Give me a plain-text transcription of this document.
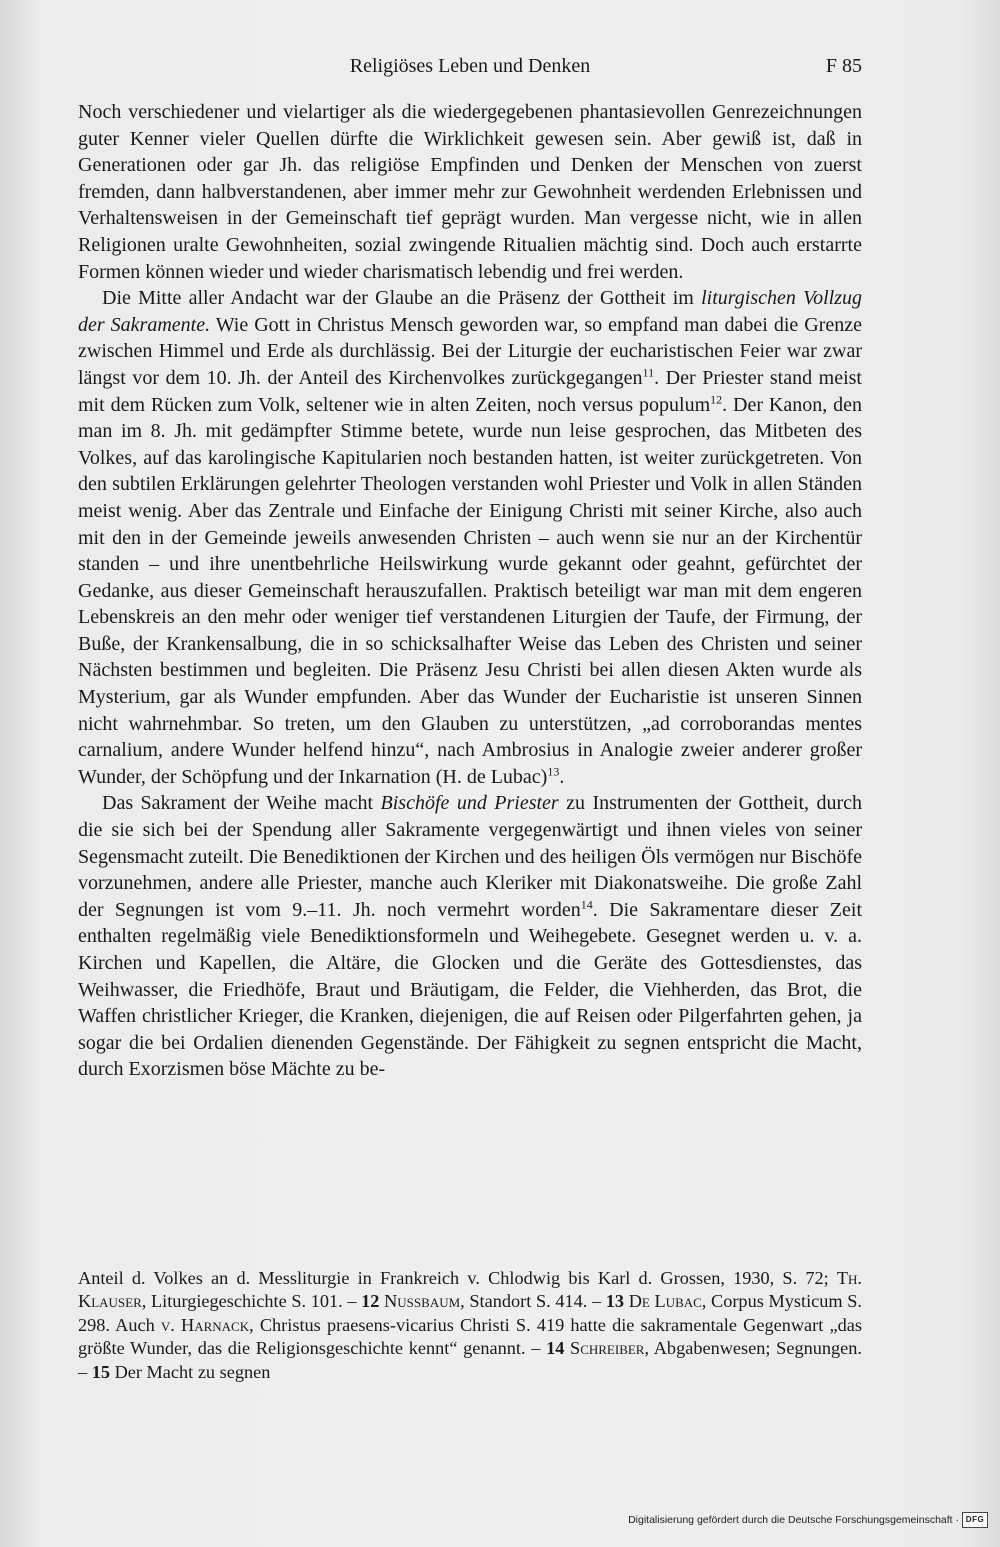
Religiöses Leben und Denken	F 85

Noch verschiedener und vielartiger als die wiedergegebenen phantasievollen Genrezeichnungen guter Kenner vieler Quellen dürfte die Wirklichkeit gewesen sein. Aber gewiß ist, daß in Generationen oder gar Jh. das religiöse Empfinden und Denken der Menschen von zuerst fremden, dann halbverstandenen, aber immer mehr zur Gewohnheit werdenden Erlebnissen und Verhaltensweisen in der Gemeinschaft tief geprägt wurden. Man vergesse nicht, wie in allen Religionen uralte Gewohnheiten, sozial zwingende Ritualien mächtig sind. Doch auch erstarrte Formen können wieder und wieder charismatisch lebendig und frei werden.

Die Mitte aller Andacht war der Glaube an die Präsenz der Gottheit im liturgischen Vollzug der Sakramente. Wie Gott in Christus Mensch geworden war, so empfand man dabei die Grenze zwischen Himmel und Erde als durchlässig. Bei der Liturgie der eucharistischen Feier war zwar längst vor dem 10. Jh. der Anteil des Kirchenvolkes zurückgegangen$^{11}$. Der Priester stand meist mit dem Rücken zum Volk, seltener wie in alten Zeiten, noch versus populum$^{12}$. Der Kanon, den man im 8. Jh. mit gedämpfter Stimme betete, wurde nun leise gesprochen, das Mitbeten des Volkes, auf das karolingische Kapitularien noch bestanden hatten, ist weiter zurückgetreten. Von den subtilen Erklärungen gelehrter Theologen verstanden wohl Priester und Volk in allen Ständen meist wenig. Aber das Zentrale und Einfache der Einigung Christi mit seiner Kirche, also auch mit den in der Gemeinde jeweils anwesenden Christen – auch wenn sie nur an der Kirchentür standen – und ihre unentbehrliche Heilswirkung wurde gekannt oder geahnt, gefürchtet der Gedanke, aus dieser Gemeinschaft herauszufallen. Praktisch beteiligt war man mit dem engeren Lebenskreis an den mehr oder weniger tief verstandenen Liturgien der Taufe, der Firmung, der Buße, der Krankensalbung, die in so schicksalhafter Weise das Leben des Christen und seiner Nächsten bestimmen und begleiten. Die Präsenz Jesu Christi bei allen diesen Akten wurde als Mysterium, gar als Wunder empfunden. Aber das Wunder der Eucharistie ist unseren Sinnen nicht wahrnehmbar. So treten, um den Glauben zu unterstützen, „ad corroborandas mentes carnalium, andere Wunder helfend hinzu“, nach Ambrosius in Analogie zweier anderer großer Wunder, der Schöpfung und der Inkarnation (H. de Lubac)$^{13}$.

Das Sakrament der Weihe macht Bischöfe und Priester zu Instrumenten der Gottheit, durch die sie sich bei der Spendung aller Sakramente vergegenwärtigt und ihnen vieles von seiner Segensmacht zuteilt. Die Benediktionen der Kirchen und des heiligen Öls vermögen nur Bischöfe vorzunehmen, andere alle Priester, manche auch Kleriker mit Diakonatsweihe. Die große Zahl der Segnungen ist vom 9.–11. Jh. noch vermehrt worden$^{14}$. Die Sakramentare dieser Zeit enthalten regelmäßig viele Benediktionsformeln und Weihegebete. Gesegnet werden u. v. a. Kirchen und Kapellen, die Altäre, die Glocken und die Geräte des Gottesdienstes, das Weihwasser, die Friedhöfe, Braut und Bräutigam, die Felder, die Viehherden, das Brot, die Waffen christlicher Krieger, die Kranken, diejenigen, die auf Reisen oder Pilgerfahrten gehen, ja sogar die bei Ordalien dienenden Gegenstände. Der Fähigkeit zu segnen entspricht die Macht, durch Exorzismen böse Mächte zu be-

Anteil d. Volkes an d. Messliturgie in Frankreich v. Chlodwig bis Karl d. Grossen, 1930, S. 72; Th. Klauser, Liturgiegeschichte S. 101. – 12 Nussbaum, Standort S. 414. – 13 De Lubac, Corpus Mysticum S. 298. Auch v. Harnack, Christus praesens-vicarius Christi S. 419 hatte die sakramentale Gegenwart „das größte Wunder, das die Religionsgeschichte kennt“ genannt. – 14 Schreiber, Abgabenwesen; Segnungen. – 15 Der Macht zu segnen

Digitalisierung gefördert durch die Deutsche Forschungsgemeinschaft · DFG
